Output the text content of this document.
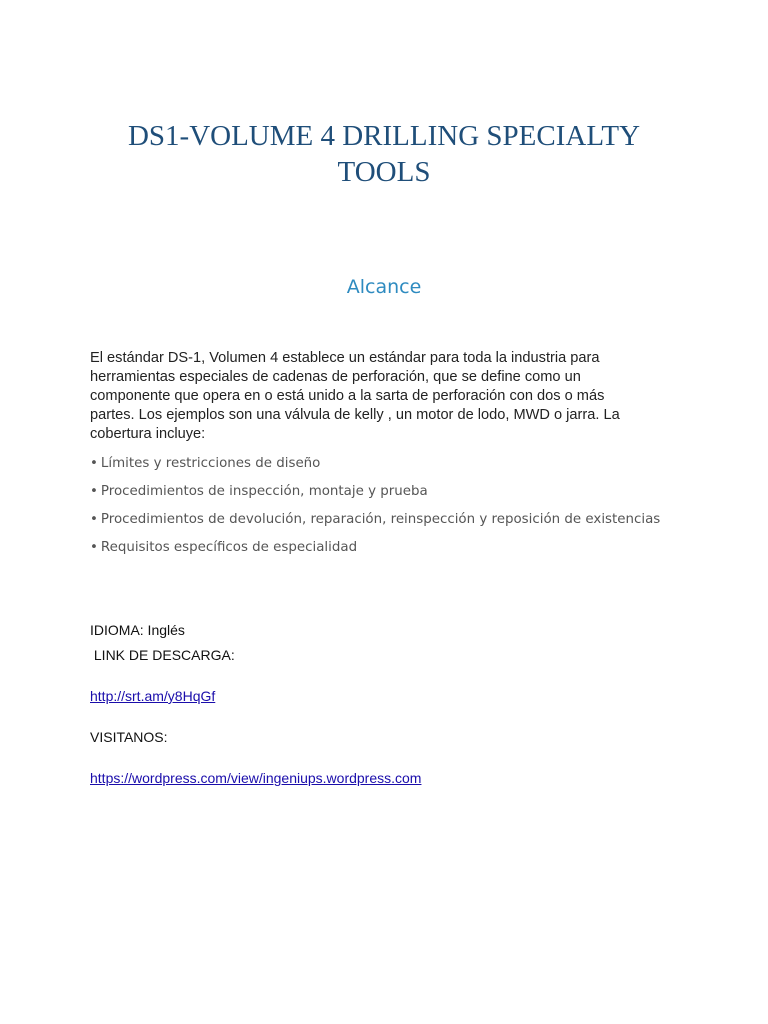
DS1-VOLUME 4 DRILLING SPECIALTY TOOLS
Alcance

El estándar DS-1, Volumen 4 establece un estándar para toda la industria para herramientas especiales de cadenas de perforación, que se define como un componente que opera en o está unido a la sarta de perforación con dos o más partes. Los ejemplos son una válvula de kelly , un motor de lodo, MWD o jarra. La cobertura incluye:

• Límites y restricciones de diseño
• Procedimientos de inspección, montaje y prueba
• Procedimientos de devolución, reparación, reinspección y reposición de existencias
• Requisitos específicos de especialidad

IDIOMA: Inglés

LINK DE DESCARGA:

http://srt.am/y8HqGf

VISITANOS:

https://wordpress.com/view/ingeniups.wordpress.com
